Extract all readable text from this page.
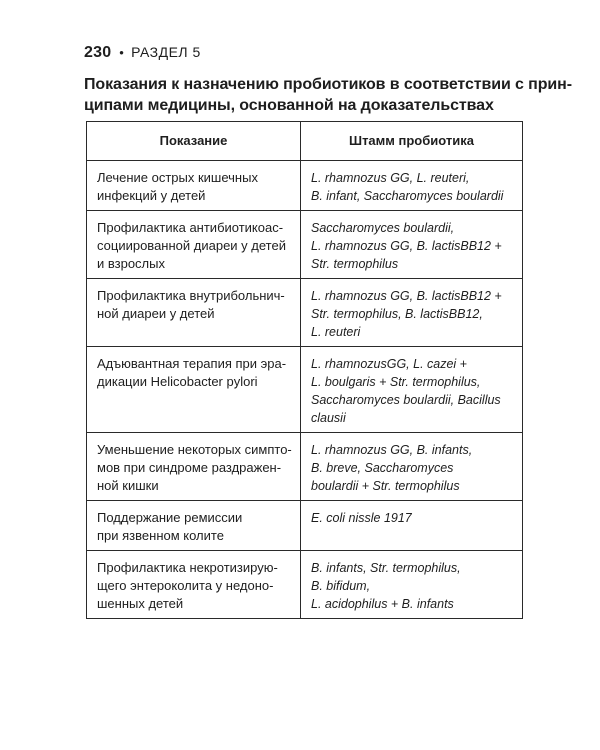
230 • РАЗДЕЛ 5
Показания к назначению пробиотиков в соответствии с прин-
ципами медицины, основанной на доказательствах
Показание	Штамм пробиотика

Лечение острых кишечных
инфекций у детей	L. rhamnozus GG, L. reuteri,
B. infant, Saccharomyces boulardii

Профилактика антибиотикоас-
социированной диареи у детей
и взрослых	Saccharomyces boulardii,
L. rhamnozus GG, B. lactisBB12 +
Str. termophilus

Профилактика внутрибольнич-
ной диареи у детей	L. rhamnozus GG, B. lactisBB12 +
Str. termophilus, B. lactisBB12,
L. reuteri

Адъювантная терапия при эра-
дикации Helicobacter pylori	L. rhamnozusGG, L. cazei +
L. boulgaris + Str. termophilus,
Saccharomyces boulardii, Bacillus
clausii

Уменьшение некоторых симпто-
мов при синдроме раздражен-
ной кишки	L. rhamnozus GG, B. infants,
B. breve, Saccharomyces
boulardii + Str. termophilus

Поддержание ремиссии
при язвенном колите	E. coli nissle 1917

Профилактика некротизирую-
щего энтероколита у недоно-
шенных детей	B. infants, Str. termophilus,
B. bifidum,
L. acidophilus + B. infants
